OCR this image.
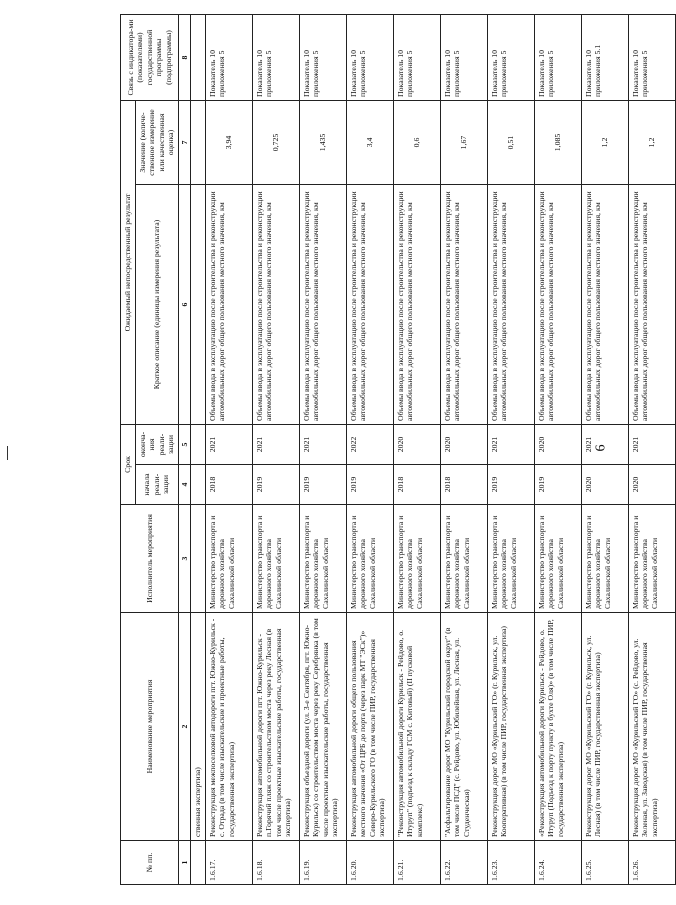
6
№ пп.	Наименование мероприятия	Исполнитель мероприятия	Срок		Ожидаемый непосредственный результат		Связь с индикатора-ми (показателями) государственной программы (подпрограммы)
			начала реали-зации	оконча-ния реали-зации	Краткое описание (единицы измерения результата)	Значение (количе-ственное измерение или качественная оценка)	
1	2	3	4	5	6	7	8
	ственная экспертиза)						
1.6.17.	Реконструкция межпоселковой автодороги пгт. Южно-Курильск - с. Отрада (в том числе изыскательские и проектные работы, государственная экспертиза)	Министерство транспорта и дорожного хозяйства Сахалинской области	2018	2021	Объемы ввода в эксплуатацию после строительства и реконструкции автомобильных дорог общего пользования местного значения, км	3,94	Показатель 10 приложения 5
1.6.18.	Реконструкция автомобильной дороги пгт. Южно-Курильск - п.Горячий пляж со строительством моста через реку Лесная (в том числе проектные изыскательские работы, государственная экспертиза)	Министерство транспорта и дорожного хозяйства Сахалинской области	2019	2021	Объемы ввода в эксплуатацию после строительства и реконструкции автомобильных дорог общего пользования местного значения, км	0,725	Показатель 10 приложения 5
1.6.19.	Реконструкция объездной дороги (ул. 3-е Сентября, пгт. Южно-Курильск) со строительством моста через реку Серебрянка (в том числе проектные изыскательские работы, государственная экспертиза)	Министерство транспорта и дорожного хозяйства Сахалинской области	2019	2021	Объемы ввода в эксплуатацию после строительства и реконструкции автомобильных дорог общего пользования местного значения, км	1,435	Показатель 10 приложения 5
1.6.20.	Реконструкция автомобильной дороги общего пользования местного значения «От ЦРБ до порта (через парк МТ "ЭСк")» Северо-Курильского ГО (в том числе ПИР, государственная экспертиза)	Министерство транспорта и дорожного хозяйства Сахалинской области	2019	2022	Объемы ввода в эксплуатацию после строительства и реконструкции автомобильных дорог общего пользования местного значения, км	3,4	Показатель 10 приложения 5
1.6.21.	"Реконструкция автомобильной дороги Курильск - Рейдово, о. Итуруп" (подъезд к складу ГСМ с. Китовый) (II пусковой комплекс)	Министерство транспорта и дорожного хозяйства Сахалинской области	2018	2020	Объемы ввода в эксплуатацию после строительства и реконструкции автомобильных дорог общего пользования местного значения, км	0,6	Показатель 10 приложения 5
1.6.22.	"Асфальтирование дорог МО "Курильский городской округ" (в том числе ПСД" (с. Рейдово, ул. Юбилейная, ул. Лесная, ул. Студенческая)	Министерство транспорта и дорожного хозяйства Сахалинской области	2018	2020	Объемы ввода в эксплуатацию после строительства и реконструкции автомобильных дорог общего пользования местного значения, км	1,67	Показатель 10 приложения 5
1.6.23.	Реконструкция дорог МО «Курильский ГО» (г. Курильск, ул. Кооперативная) (в том числе ПИР, государственная экспертиза)	Министерство транспорта и дорожного хозяйства Сахалинской области	2019	2021	Объемы ввода в эксплуатацию после строительства и реконструкции автомобильных дорог общего пользования местного значения, км	0,51	Показатель 10 приложения 5
1.6.24.	«Реконструкция автомобильной дороги Курильск - Рейдово, о. Итуруп (Подъезд к порту пункту в бухте Оля)» (в том числе ПИР, государственная экспертиза)	Министерство транспорта и дорожного хозяйства Сахалинской области	2019	2020	Объемы ввода в эксплуатацию после строительства и реконструкции автомобильных дорог общего пользования местного значения, км	1,085	Показатель 10 приложения 5
1.6.25.	Реконструкция дорог МО «Курильский ГО» (г. Курильск, ул. Лесная) (в том числе ПИР, государственная экспертиза)	Министерство транспорта и дорожного хозяйства Сахалинской области	2020	2021	Объемы ввода в эксплуатацию после строительства и реконструкции автомобильных дорог общего пользования местного значения, км	1,2	Показатель 10 приложения 5.1
1.6.26.	Реконструкция дорог МО «Курильский ГО» (с. Рейдово, ул. Зеленая, ул. Заводская) (в том числе ПИР, государственная экспертиза)	Министерство транспорта и дорожного хозяйства Сахалинской области	2020	2021	Объемы ввода в эксплуатацию после строительства и реконструкции автомобильных дорог общего пользования местного значения, км	1,2	Показатель 10 приложения 5
